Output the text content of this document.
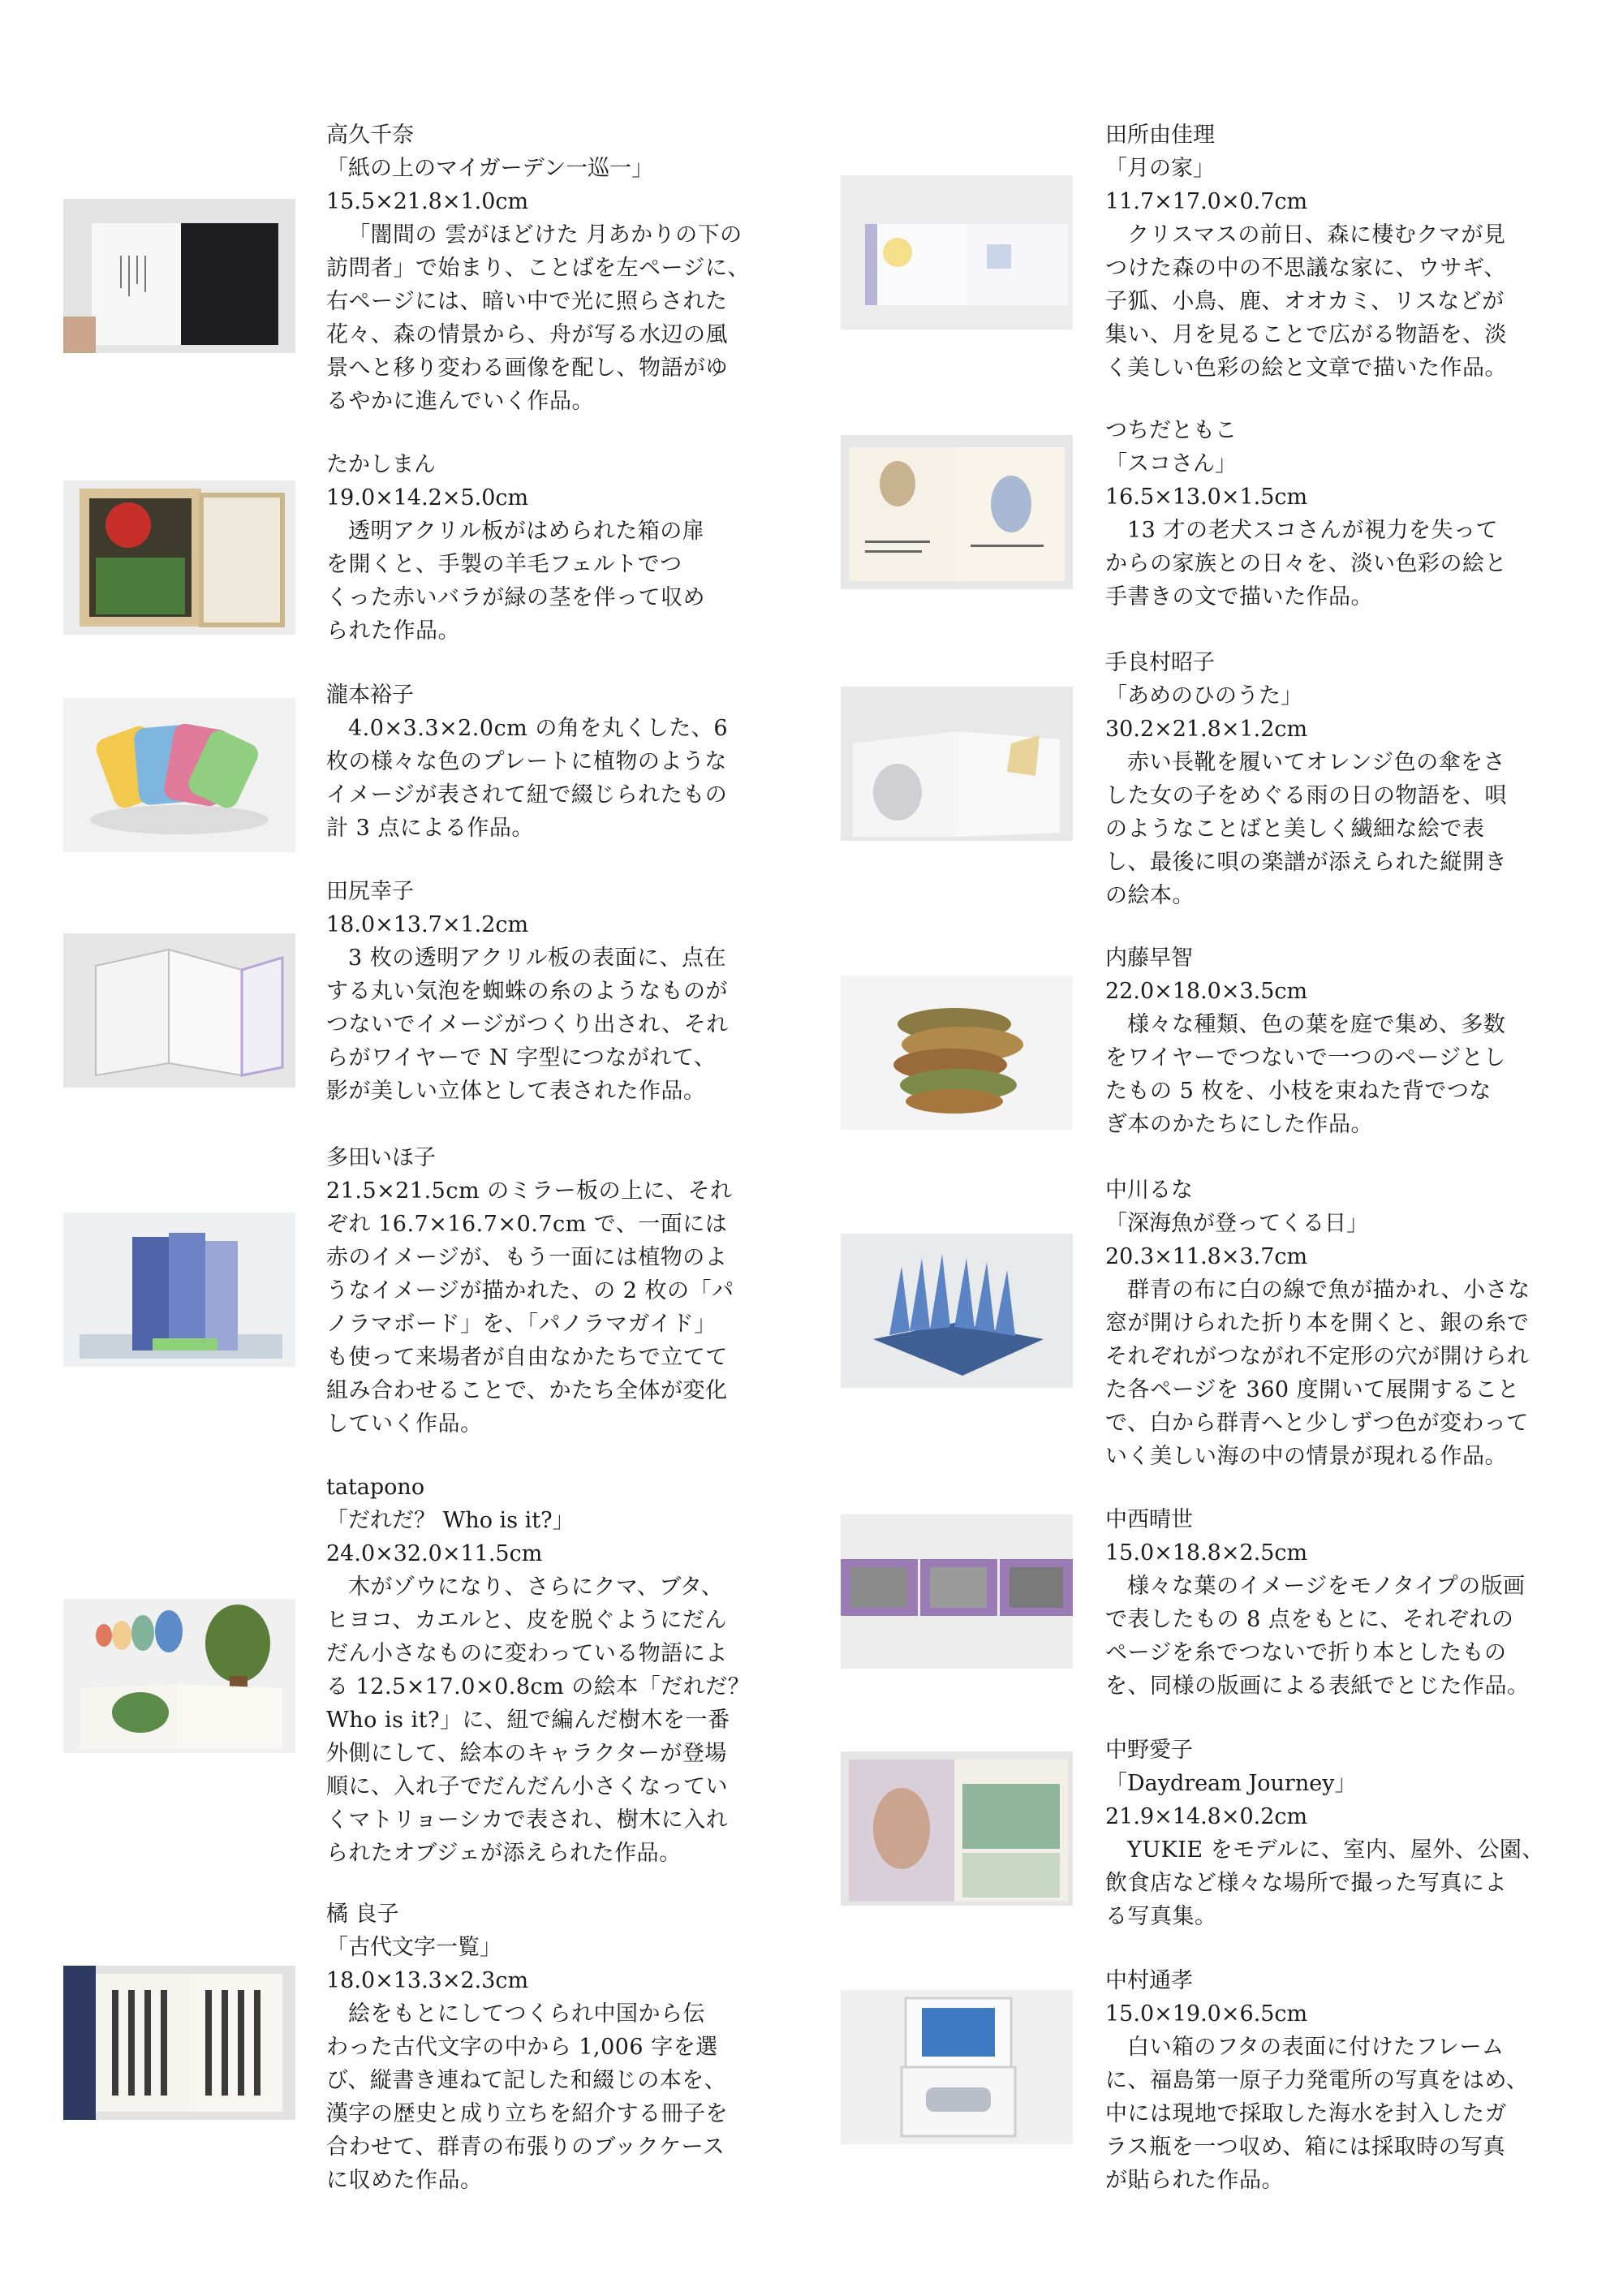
高久千奈
「紙の上のマイガーデン一巡一」
15.5×21.8×1.0cm
「闇間の 雲がほどけた 月あかりの下の
訪問者」で始まり、ことばを左ページに、
右ページには、暗い中で光に照らされた
花々、森の情景から、舟が写る水辺の風
景へと移り変わる画像を配し、物語がゆ
るやかに進んでいく作品。
たかしまん
19.0×14.2×5.0cm
透明アクリル板がはめられた箱の扉
を開くと、手製の羊毛フェルトでつ
くった赤いバラが緑の茎を伴って収め
られた作品。
瀧本裕子
4.0×3.3×2.0cm の角を丸くした、6
枚の様々な色のプレートに植物のような
イメージが表されて紐で綴じられたもの
計 3 点による作品。
田尻幸子
18.0×13.7×1.2cm
3 枚の透明アクリル板の表面に、点在
する丸い気泡を蜘蛛の糸のようなものが
つないでイメージがつくり出され、それ
らがワイヤーで N 字型につながれて、
影が美しい立体として表された作品。
多田いほ子
21.5×21.5cm のミラー板の上に、それ
ぞれ 16.7×16.7×0.7cm で、一面には
赤のイメージが、もう一面には植物のよ
うなイメージが描かれた、の 2 枚の「パ
ノラマボード」を、「パノラマガイド」
も使って来場者が自由なかたちで立てて
組み合わせることで、かたち全体が変化
していく作品。
tatapono
「だれだ？ Who is it?」
24.0×32.0×11.5cm
木がゾウになり、さらにクマ、ブタ、
ヒヨコ、カエルと、皮を脱ぐようにだん
だん小さなものに変わっている物語によ
る 12.5×17.0×0.8cm の絵本「だれだ？
Who is it?」に、紐で編んだ樹木を一番
外側にして、絵本のキャラクターが登場
順に、入れ子でだんだん小さくなってい
くマトリョーシカで表され、樹木に入れ
られたオブジェが添えられた作品。
橘 良子
「古代文字一覧」
18.0×13.3×2.3cm
絵をもとにしてつくられ中国から伝
わった古代文字の中から 1,006 字を選
び、縦書き連ねて記した和綴じの本を、
漢字の歴史と成り立ちを紹介する冊子を
合わせて、群青の布張りのブックケース
に収めた作品。
田所由佳理
「月の家」
11.7×17.0×0.7cm
クリスマスの前日、森に棲むクマが見
つけた森の中の不思議な家に、ウサギ、
子狐、小鳥、鹿、オオカミ、リスなどが
集い、月を見ることで広がる物語を、淡
く美しい色彩の絵と文章で描いた作品。
つちだともこ
「スコさん」
16.5×13.0×1.5cm
13 才の老犬スコさんが視力を失って
からの家族との日々を、淡い色彩の絵と
手書きの文で描いた作品。
手良村昭子
「あめのひのうた」
30.2×21.8×1.2cm
赤い長靴を履いてオレンジ色の傘をさ
した女の子をめぐる雨の日の物語を、唄
のようなことばと美しく繊細な絵で表
し、最後に唄の楽譜が添えられた縦開き
の絵本。
内藤早智
22.0×18.0×3.5cm
様々な種類、色の葉を庭で集め、多数
をワイヤーでつないで一つのページとし
たもの 5 枚を、小枝を束ねた背でつな
ぎ本のかたちにした作品。
中川るな
「深海魚が登ってくる日」
20.3×11.8×3.7cm
群青の布に白の線で魚が描かれ、小さな
窓が開けられた折り本を開くと、銀の糸で
それぞれがつながれ不定形の穴が開けられ
た各ページを 360 度開いて展開すること
で、白から群青へと少しずつ色が変わって
いく美しい海の中の情景が現れる作品。
中西晴世
15.0×18.8×2.5cm
様々な葉のイメージをモノタイプの版画
で表したもの 8 点をもとに、それぞれの
ページを糸でつないで折り本としたもの
を、同様の版画による表紙でとじた作品。
中野愛子
「Daydream Journey」
21.9×14.8×0.2cm
YUKIE をモデルに、室内、屋外、公園、
飲食店など様々な場所で撮った写真によ
る写真集。
中村通孝
15.0×19.0×6.5cm
白い箱のフタの表面に付けたフレーム
に、福島第一原子力発電所の写真をはめ、
中には現地で採取した海水を封入したガ
ラス瓶を一つ収め、箱には採取時の写真
が貼られた作品。
